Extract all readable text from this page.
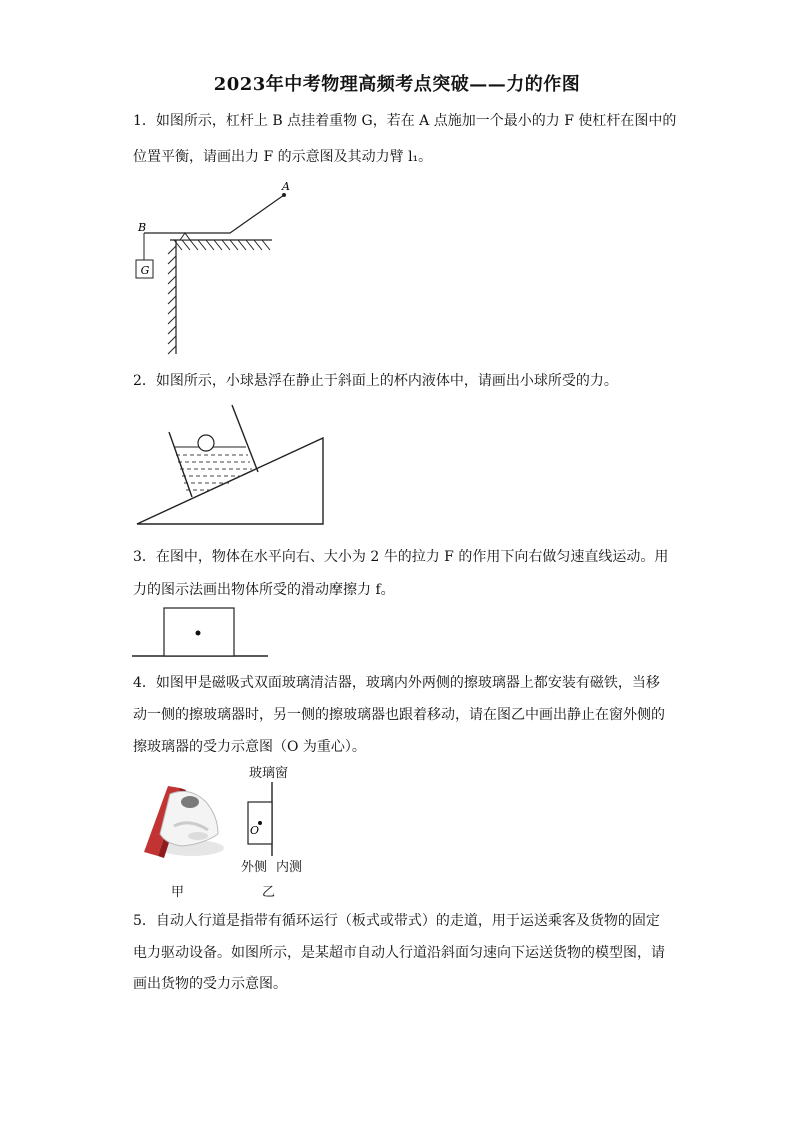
2023年中考物理高频考点突破——力的作图
1．如图所示，杠杆上 B 点挂着重物 G，若在 A 点施加一个最小的力 F 使杠杆在图中的
位置平衡，请画出力 F 的示意图及其动力臂 l₁。
G
B
A
2．如图所示，小球悬浮在静止于斜面上的杯内液体中，请画出小球所受的力。
3．在图中，物体在水平向右、大小为 2 牛的拉力 F 的作用下向右做匀速直线运动。用
力的图示法画出物体所受的滑动摩擦力 f。
4．如图甲是磁吸式双面玻璃清洁器，玻璃内外两侧的擦玻璃器上都安装有磁铁，当移
动一侧的擦玻璃器时，另一侧的擦玻璃器也跟着移动，请在图乙中画出静止在窗外侧的
擦玻璃器的受力示意图（O 为重心）。
甲
玻璃窗
O
外侧 内测
乙
5．自动人行道是指带有循环运行（板式或带式）的走道，用于运送乘客及货物的固定
电力驱动设备。如图所示，是某超市自动人行道沿斜面匀速向下运送货物的模型图，请
画出货物的受力示意图。
